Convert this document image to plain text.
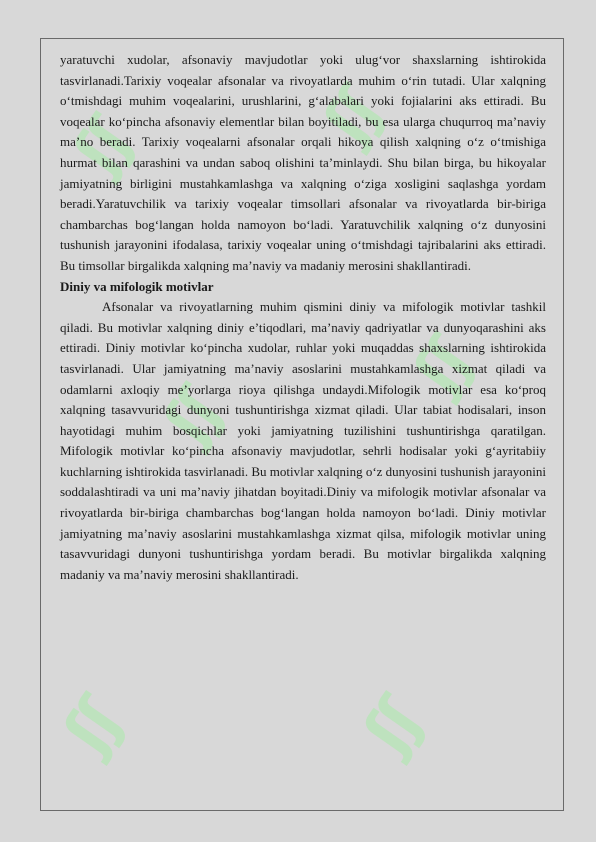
ʃʃ	ʃʃ
ʃʃ
ʃʃ
ʃʃ	ʃʃ

yaratuvchi xudolar, afsonaviy mavjudotlar yoki ulug‘vor shaxslarning ishtirokida tasvirlanadi.Tarixiy voqealar afsonalar va rivoyatlarda muhim o‘rin tutadi. Ular xalqning o‘tmishdagi muhim voqealarini, urushlarini, g‘alabalari yoki fojialarini aks ettiradi. Bu voqealar ko‘pincha afsonaviy elementlar bilan boyitiladi, bu esa ularga chuqurroq ma’naviy ma’no beradi. Tarixiy voqealarni afsonalar orqali hikoya qilish xalqning o‘z o‘tmishiga hurmat bilan qarashini va undan saboq olishini ta’minlaydi. Shu bilan birga, bu hikoyalar jamiyatning birligini mustahkamlashga va xalqning o‘ziga xosligini saqlashga yordam beradi.Yaratuvchilik va tarixiy voqealar timsollari afsonalar va rivoyatlarda bir-biriga chambarchas bog‘langan holda namoyon bo‘ladi. Yaratuvchilik xalqning o‘z dunyosini tushunish jarayonini ifodalasa, tarixiy voqealar uning o‘tmishdagi tajribalarini aks ettiradi. Bu timsollar birgalikda xalqning ma’naviy va madaniy merosini shakllantiradi.

Diniy va mifologik motivlar

Afsonalar va rivoyatlarning muhim qismini diniy va mifologik motivlar tashkil qiladi. Bu motivlar xalqning diniy e’tiqodlari, ma’naviy qadriyatlar va dunyoqarashini aks ettiradi. Diniy motivlar ko‘pincha xudolar, ruhlar yoki muqaddas shaxslarning ishtirokida tasvirlanadi. Ular jamiyatning ma’naviy asoslarini mustahkamlashga xizmat qiladi va odamlarni axloqiy me’yorlarga rioya qilishga undaydi.Mifologik motivlar esa ko‘proq xalqning tasavvuridagi dunyoni tushuntirishga xizmat qiladi. Ular tabiat hodisalari, inson hayotidagi muhim bosqichlar yoki jamiyatning tuzilishini tushuntirishga qaratilgan. Mifologik motivlar ko‘pincha afsonaviy mavjudotlar, sehrli hodisalar yoki g‘ayritabiiy kuchlarning ishtirokida tasvirlanadi. Bu motivlar xalqning o‘z dunyosini tushunish jarayonini soddalashtiradi va uni ma’naviy jihatdan boyitadi.Diniy va mifologik motivlar afsonalar va rivoyatlarda bir-biriga chambarchas bog‘langan holda namoyon bo‘ladi. Diniy motivlar jamiyatning ma’naviy asoslarini mustahkamlashga xizmat qilsa, mifologik motivlar uning tasavvuridagi dunyoni tushuntirishga yordam beradi. Bu motivlar birgalikda xalqning madaniy va ma’naviy merosini shakllantiradi.
